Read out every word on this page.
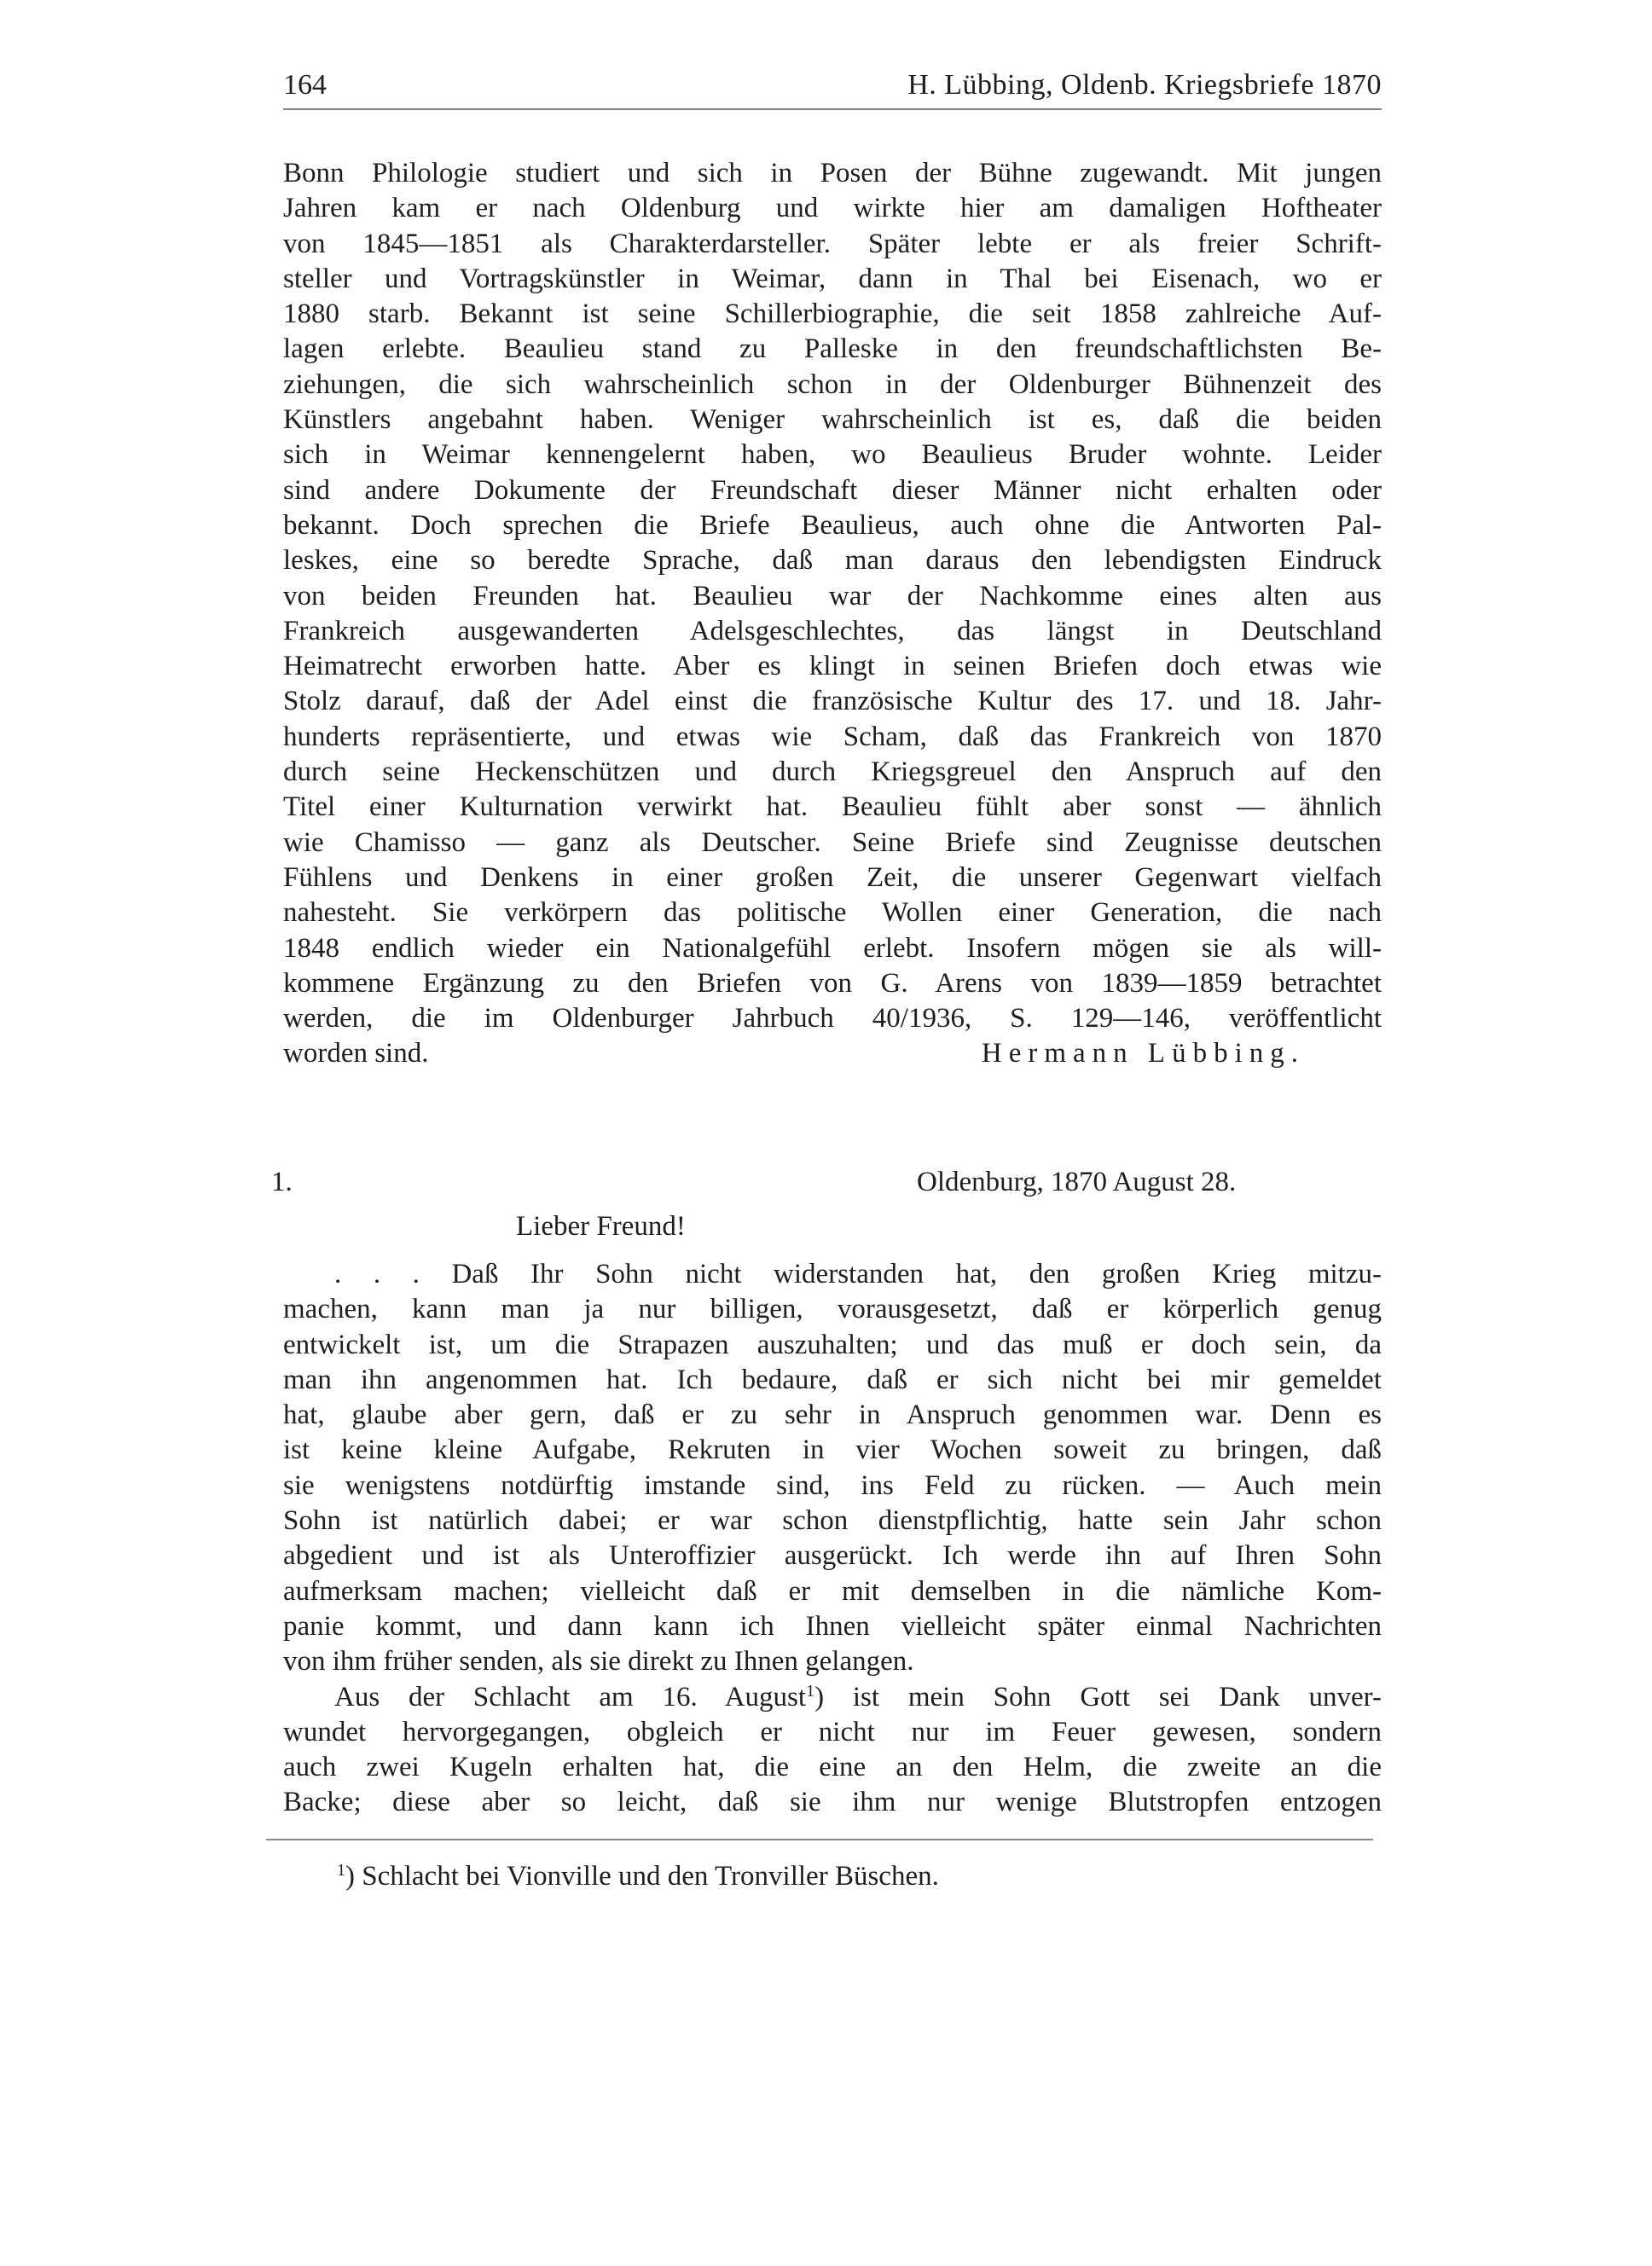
164	H. Lübbing, Oldenb. Kriegsbriefe 1870
Bonn Philologie studiert und sich in Posen der Bühne zugewandt. Mit jungen
Jahren kam er nach Oldenburg und wirkte hier am damaligen Hoftheater
von 1845—1851 als Charakterdarsteller. Später lebte er als freier Schrift-
steller und Vortragskünstler in Weimar, dann in Thal bei Eisenach, wo er
1880 starb. Bekannt ist seine Schillerbiographie, die seit 1858 zahlreiche Auf-
lagen erlebte. Beaulieu stand zu Palleske in den freundschaftlichsten Be-
ziehungen, die sich wahrscheinlich schon in der Oldenburger Bühnenzeit des
Künstlers angebahnt haben. Weniger wahrscheinlich ist es, daß die beiden
sich in Weimar kennengelernt haben, wo Beaulieus Bruder wohnte. Leider
sind andere Dokumente der Freundschaft dieser Männer nicht erhalten oder
bekannt. Doch sprechen die Briefe Beaulieus, auch ohne die Antworten Pal-
leskes, eine so beredte Sprache, daß man daraus den lebendigsten Eindruck
von beiden Freunden hat. Beaulieu war der Nachkomme eines alten aus
Frankreich ausgewanderten Adelsgeschlechtes, das längst in Deutschland
Heimatrecht erworben hatte. Aber es klingt in seinen Briefen doch etwas wie
Stolz darauf, daß der Adel einst die französische Kultur des 17. und 18. Jahr-
hunderts repräsentierte, und etwas wie Scham, daß das Frankreich von 1870
durch seine Heckenschützen und durch Kriegsgreuel den Anspruch auf den
Titel einer Kulturnation verwirkt hat. Beaulieu fühlt aber sonst — ähnlich
wie Chamisso — ganz als Deutscher. Seine Briefe sind Zeugnisse deutschen
Fühlens und Denkens in einer großen Zeit, die unserer Gegenwart vielfach
nahesteht. Sie verkörpern das politische Wollen einer Generation, die nach
1848 endlich wieder ein Nationalgefühl erlebt. Insofern mögen sie als will-
kommene Ergänzung zu den Briefen von G. Arens von 1839—1859 betrachtet
werden, die im Oldenburger Jahrbuch 40/1936, S. 129—146, veröffentlicht
worden sind.	Hermann Lübbing.
1.	Oldenburg, 1870 August 28.
Lieber Freund!
. . . Daß Ihr Sohn nicht widerstanden hat, den großen Krieg mitzu-
machen, kann man ja nur billigen, vorausgesetzt, daß er körperlich genug
entwickelt ist, um die Strapazen auszuhalten; und das muß er doch sein, da
man ihn angenommen hat. Ich bedaure, daß er sich nicht bei mir gemeldet
hat, glaube aber gern, daß er zu sehr in Anspruch genommen war. Denn es
ist keine kleine Aufgabe, Rekruten in vier Wochen soweit zu bringen, daß
sie wenigstens notdürftig imstande sind, ins Feld zu rücken. — Auch mein
Sohn ist natürlich dabei; er war schon dienstpflichtig, hatte sein Jahr schon
abgedient und ist als Unteroffizier ausgerückt. Ich werde ihn auf Ihren Sohn
aufmerksam machen; vielleicht daß er mit demselben in die nämliche Kom-
panie kommt, und dann kann ich Ihnen vielleicht später einmal Nachrichten
von ihm früher senden, als sie direkt zu Ihnen gelangen.
Aus der Schlacht am 16. August$^1$) ist mein Sohn Gott sei Dank unver-
wundet hervorgegangen, obgleich er nicht nur im Feuer gewesen, sondern
auch zwei Kugeln erhalten hat, die eine an den Helm, die zweite an die
Backe; diese aber so leicht, daß sie ihm nur wenige Blutstropfen entzogen
$^1$) Schlacht bei Vionville und den Tronviller Büschen.
